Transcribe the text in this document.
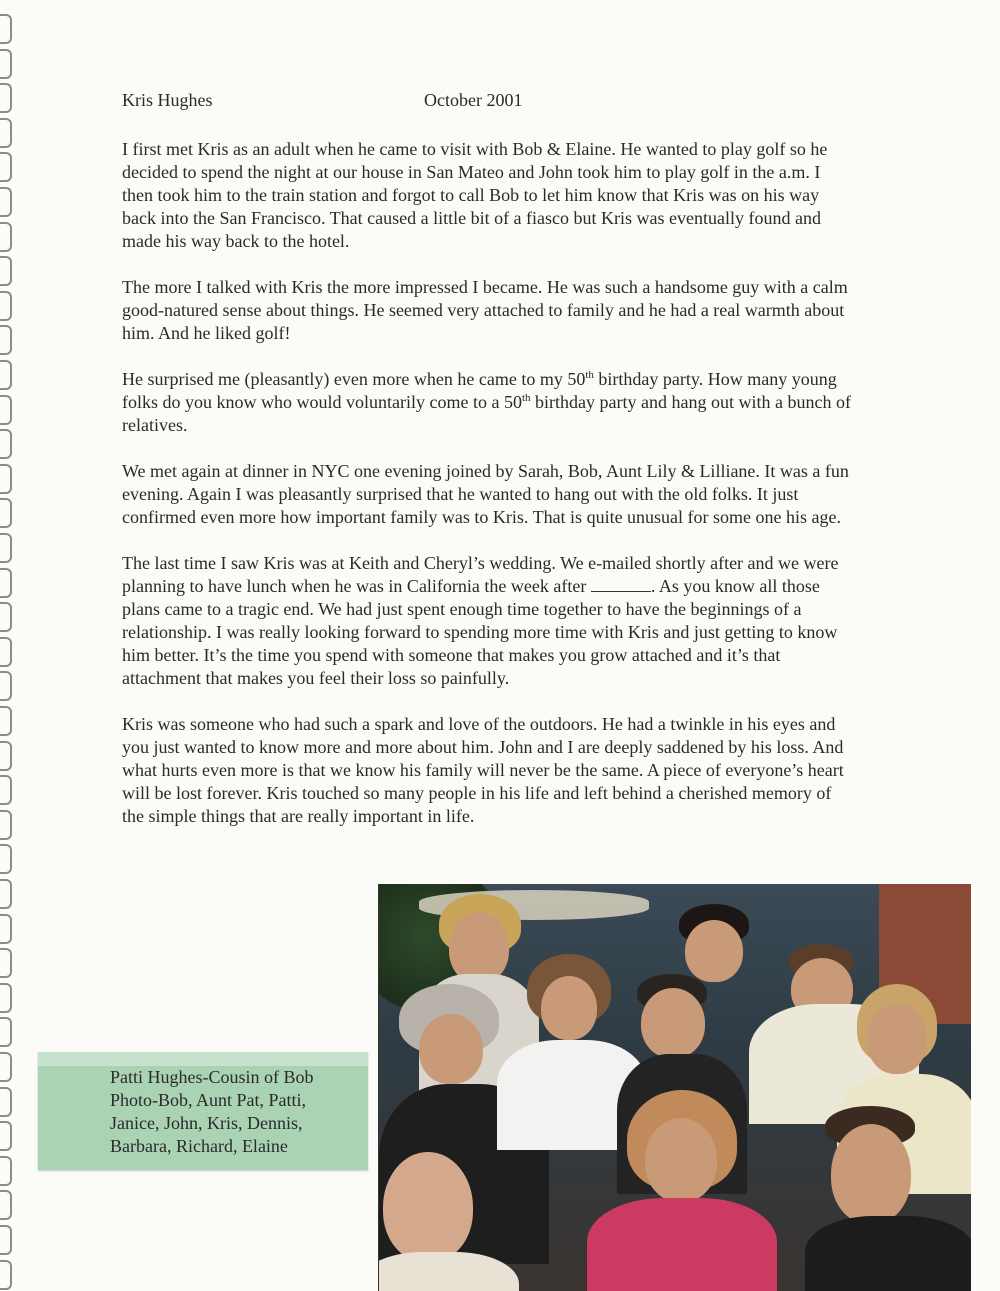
Kris Hughes	October 2001

I first met Kris as an adult when he came to visit with Bob & Elaine. He wanted to play golf so he decided to spend the night at our house in San Mateo and John took him to play golf in the a.m. I then took him to the train station and forgot to call Bob to let him know that Kris was on his way back into the San Francisco. That caused a little bit of a fiasco but Kris was eventually found and made his way back to the hotel.

The more I talked with Kris the more impressed I became. He was such a handsome guy with a calm good-natured sense about things. He seemed very attached to family and he had a real warmth about him. And he liked golf!

He surprised me (pleasantly) even more when he came to my 50th birthday party. How many young folks do you know who would voluntarily come to a 50th birthday party and hang out with a bunch of relatives.

We met again at dinner in NYC one evening joined by Sarah, Bob, Aunt Lily & Lilliane. It was a fun evening. Again I was pleasantly surprised that he wanted to hang out with the old folks. It just confirmed even more how important family was to Kris. That is quite unusual for some one his age.

The last time I saw Kris was at Keith and Cheryl’s wedding. We e-mailed shortly after and we were planning to have lunch when he was in California the week after	. As you know all those plans came to a tragic end. We had just spent enough time together to have the beginnings of a relationship. I was really looking forward to spending more time with Kris and just getting to know him better. It’s the time you spend with someone that makes you grow attached and it’s that attachment that makes you feel their loss so painfully.

Kris was someone who had such a spark and love of the outdoors. He had a twinkle in his eyes and you just wanted to know more and more about him. John and I are deeply saddened by his loss. And what hurts even more is that we know his family will never be the same. A piece of everyone’s heart will be lost forever. Kris touched so many people in his life and left behind a cherished memory of the simple things that are really important in life.

Patti Hughes-Cousin of Bob
Photo-Bob, Aunt Pat, Patti,
Janice, John, Kris, Dennis,
Barbara, Richard, Elaine
